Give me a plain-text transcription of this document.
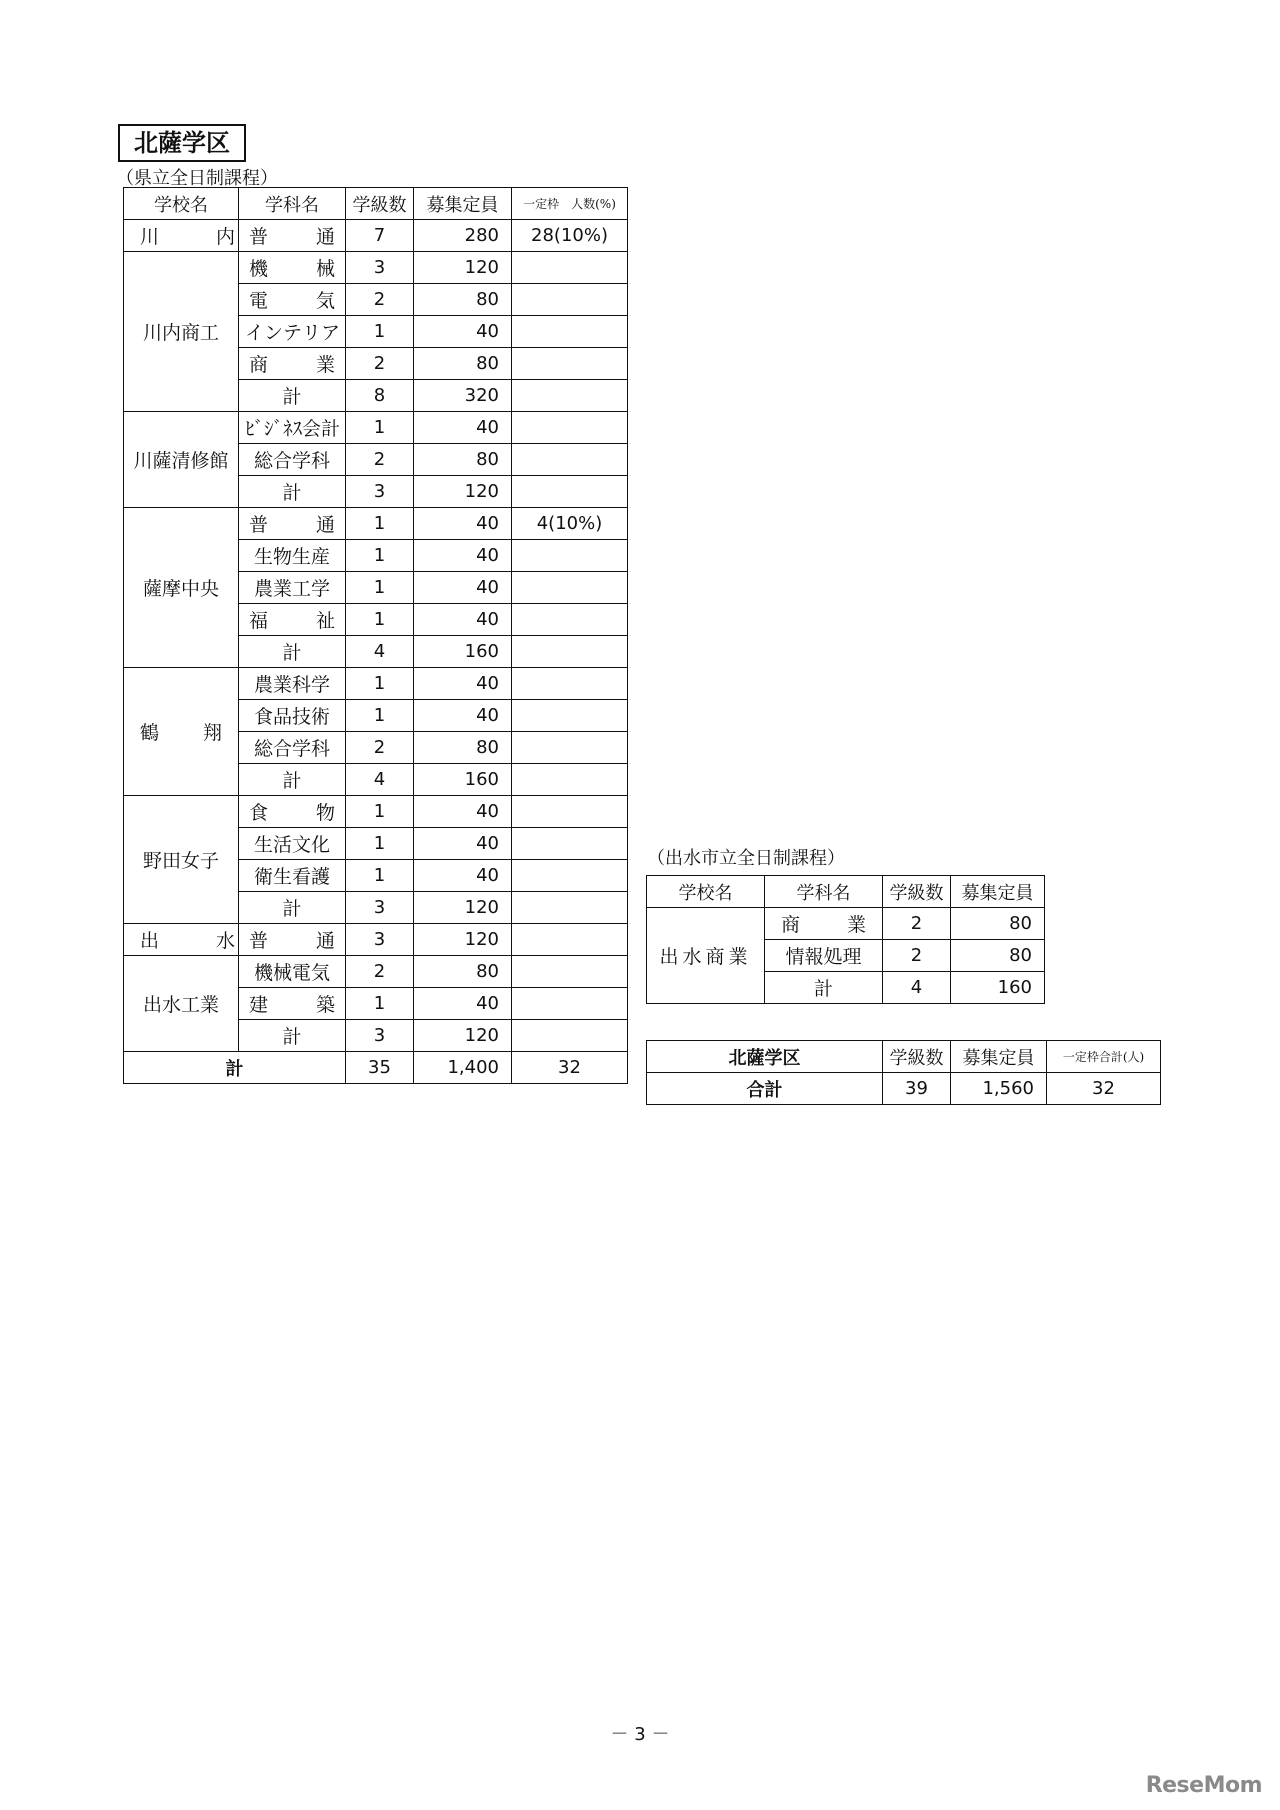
北薩学区
（県立全日制課程）
学校名	学科名	学級数	募集定員	一定枠　人数(%)
川　　　内	普　　通	7	280	28(10%)
川内商工	機　　械	3	120	
	電　　気	2	80	
	インテリア	1	40	
	商　　業	2	80	
	計	8	320	
川薩清修館	ﾋﾞｼﾞﾈｽ会計	1	40	
	総合学科	2	80	
	計	3	120	
薩摩中央	普　　通	1	40	4(10%)
	生物生産	1	40	
	農業工学	1	40	
	福　　祉	1	40	
	計	4	160	
鶴　　翔	農業科学	1	40	
	食品技術	1	40	
	総合学科	2	80	
	計	4	160	
野田女子	食　　物	1	40	
	生活文化	1	40	
	衛生看護	1	40	
	計	3	120	
出　　　水	普　　通	3	120	
出水工業	機械電気	2	80	
	建　　築	1	40	
	計	3	120	
計		35	1,400	32
（出水市立全日制課程）
学校名	学科名	学級数	募集定員
出水商業	商　　業	2	80
	情報処理	2	80
	計	4	160
北薩学区	学級数	募集定員	一定枠合計(人)
合計	39	1,560	32
－ 3 －
ReseMom
